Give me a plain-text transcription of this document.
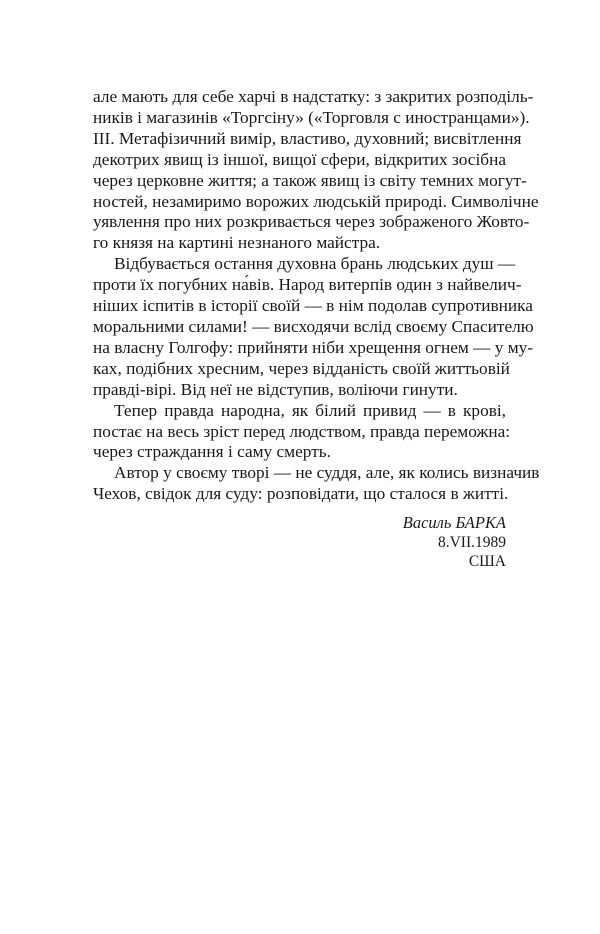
але мають для себе харчі в надстатку: з закритих розподіль-
ників і магазинів «Торгсіну» («Торговля с иностранцами»).
III. Метафізичний вимір, властиво, духовний; висвітлення
декотрих явищ із іншої, вищої сфери, відкритих зосібна
через церковне життя; а також явищ із світу темних могут-
ностей, незамиримо ворожих людській природі. Символічне
уявлення про них розкривається через зображеного Жовто-
го князя на картині незнаного майстра.
Відбувається остання духовна брань людських душ —
проти їх погубних на́вів. Народ витерпів один з найвелич-
ніших іспитів в історії своїй — в нім подолав супротивника
моральними силами! — висходячи вслід своєму Спасителю
на власну Голгофу: прийняти ніби хрещення огнем — у му-
ках, подібних хресним, через відданість своїй життьовій
правді-вірі. Від неї не відступив, воліючи гинути.
Тепер правда народна, як білий привид — в крові,
постає на весь зріст перед людством, правда переможна:
через страждання і саму смерть.
Автор у своєму творі — не суддя, але, як колись визначив
Чехов, свідок для суду: розповідати, що сталося в житті.
Василь БАРКА
8.VII.1989
США
